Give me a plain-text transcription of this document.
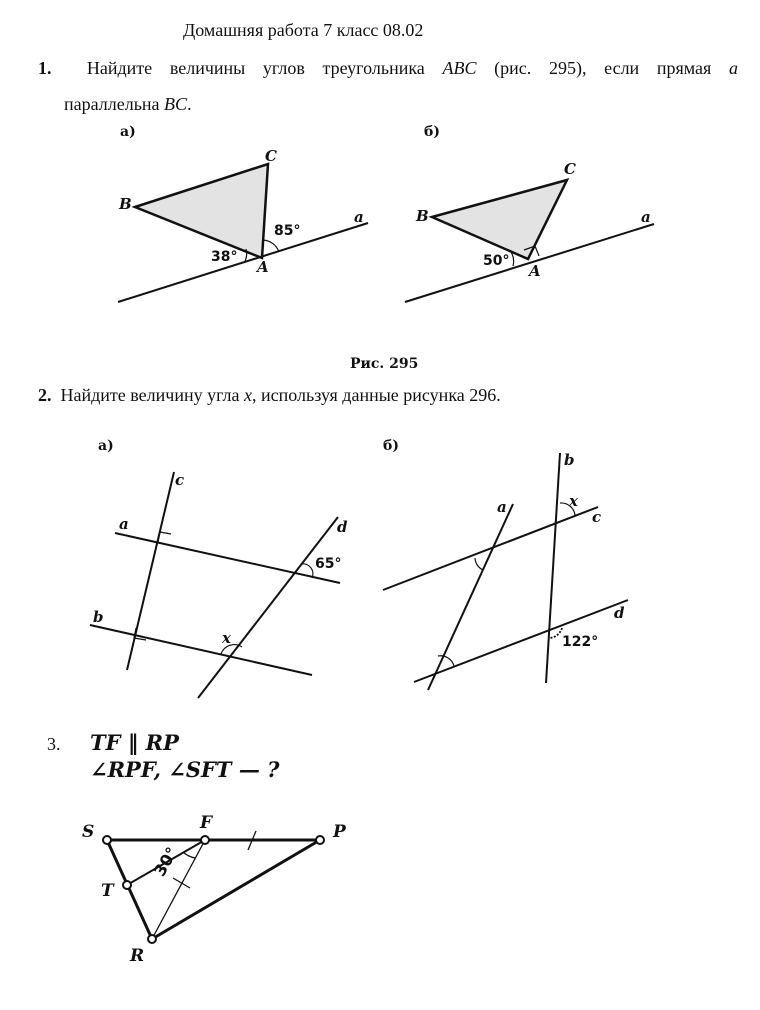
Домашняя работа 7 класс 08.02
1. Найдите величины углов треугольника ABC (рис. 295), если прямая a
параллельна BC.
а)
C
B
a
85°
38°
A
б)
C
B	a
50°
A
Рис. 295
2. Найдите величину угла x, используя данные рисунка 296.
а)
c
a	d
65°
b
x
б)
b
x
a
c
d
122°
3. TF ‖ RP
∠RPF, ∠SFT — ?
S	F	P
T
R
30°
